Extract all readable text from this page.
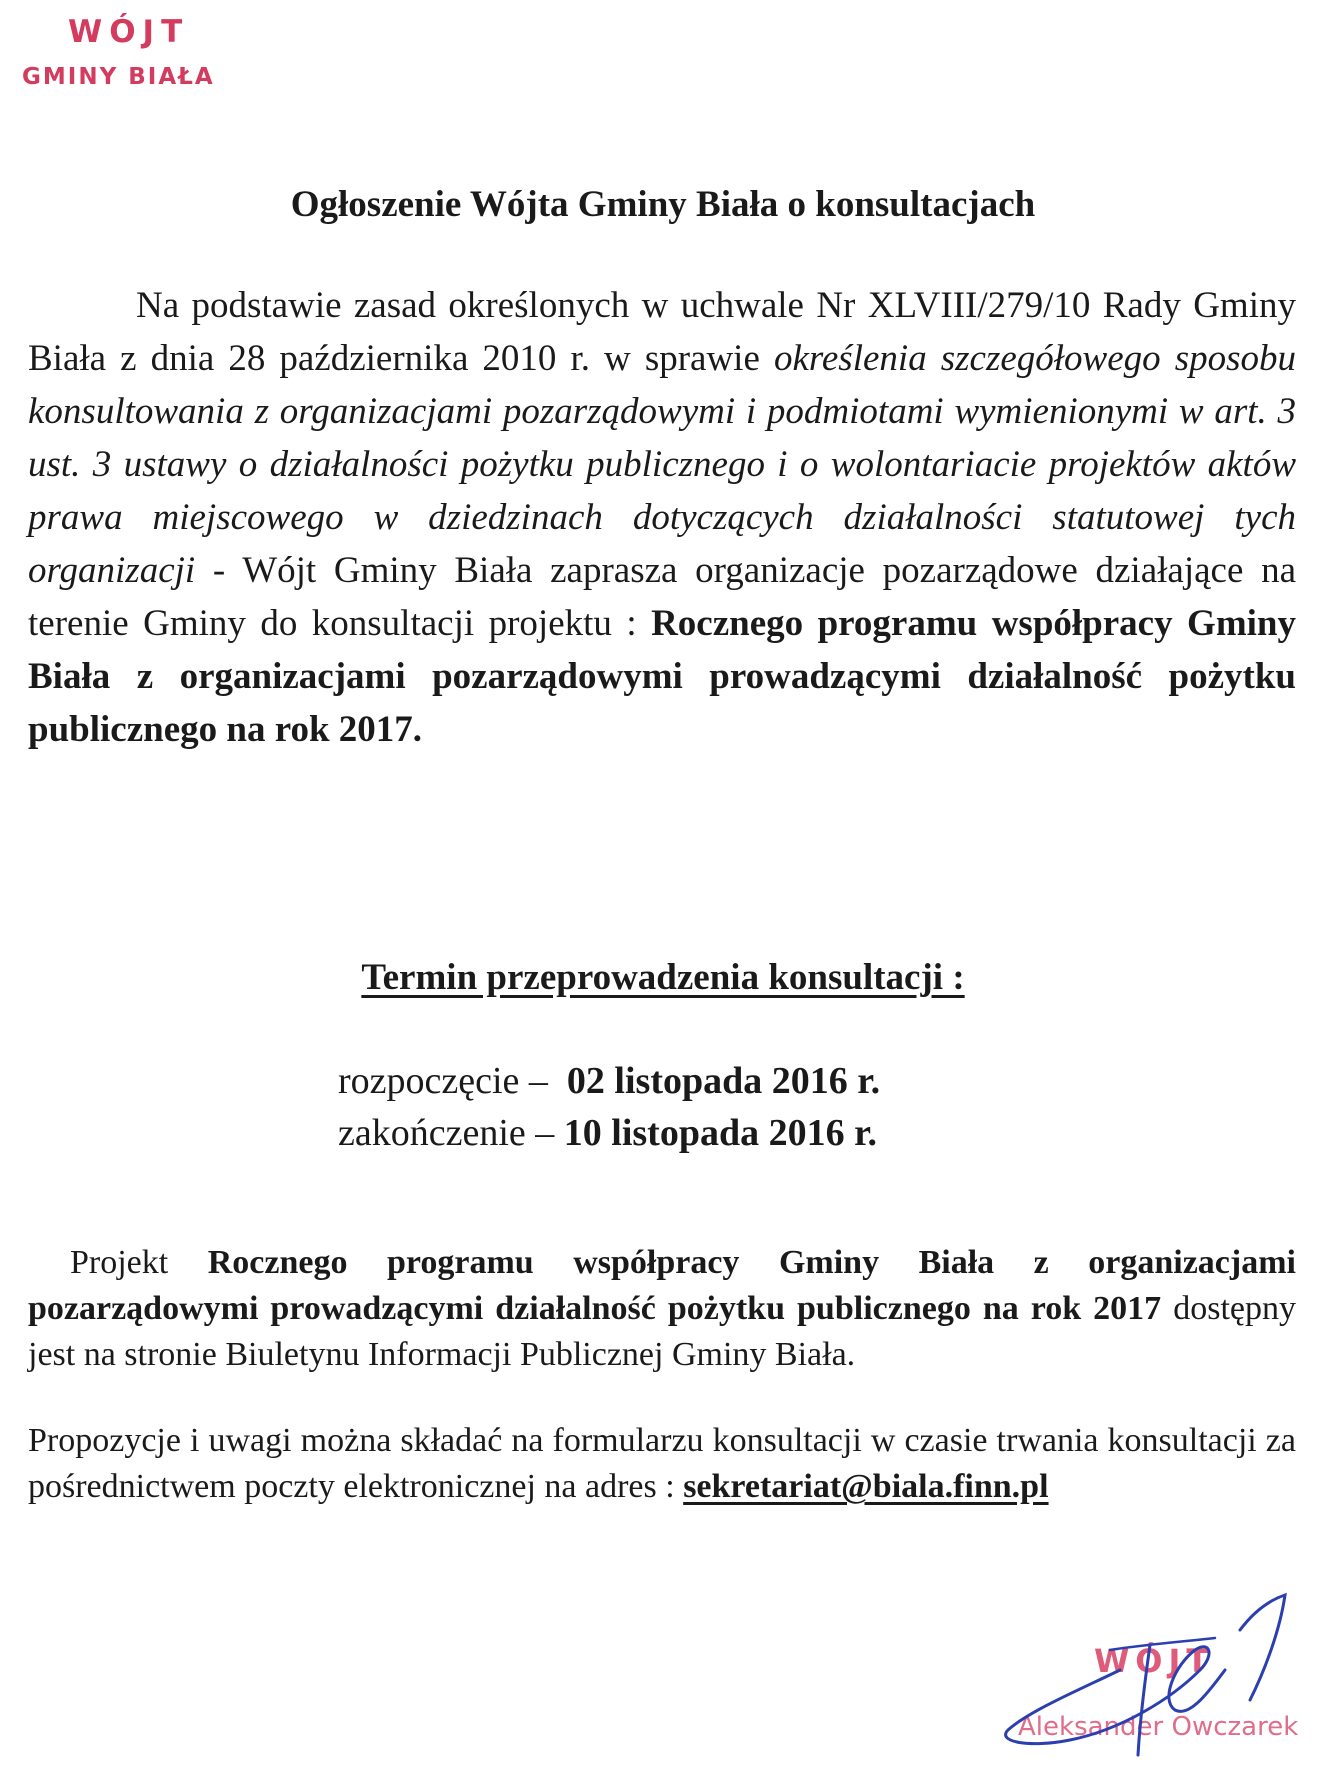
WÓJT
GMINY BIAŁA
Ogłoszenie Wójta Gminy Biała o konsultacjach
Na podstawie zasad określonych w uchwale Nr XLVIII/279/10 Rady Gminy Biała z dnia 28 października 2010 r. w sprawie określenia szczegółowego sposobu konsultowania z organizacjami pozarządowymi i podmiotami wymienionymi w art. 3 ust. 3 ustawy o działalności pożytku publicznego i o wolontariacie projektów aktów prawa miejscowego w dziedzinach dotyczących działalności statutowej tych organizacji - Wójt Gminy Biała zaprasza organizacje pozarządowe działające na terenie Gminy do konsultacji projektu : Rocznego programu współpracy Gminy Biała z organizacjami pozarządowymi prowadzącymi działalność pożytku publicznego na rok 2017.
Termin przeprowadzenia konsultacji :
rozpoczęcie – 02 listopada 2016 r.
zakończenie – 10 listopada 2016 r.
Projekt Rocznego programu współpracy Gminy Biała z organizacjami pozarządowymi prowadzącymi działalność pożytku publicznego na rok 2017 dostępny jest na stronie Biuletynu Informacji Publicznej Gminy Biała.
Propozycje i uwagi można składać na formularzu konsultacji w czasie trwania konsultacji za pośrednictwem poczty elektronicznej na adres : sekretariat@biala.finn.pl
WÓJT
Aleksander Owczarek
